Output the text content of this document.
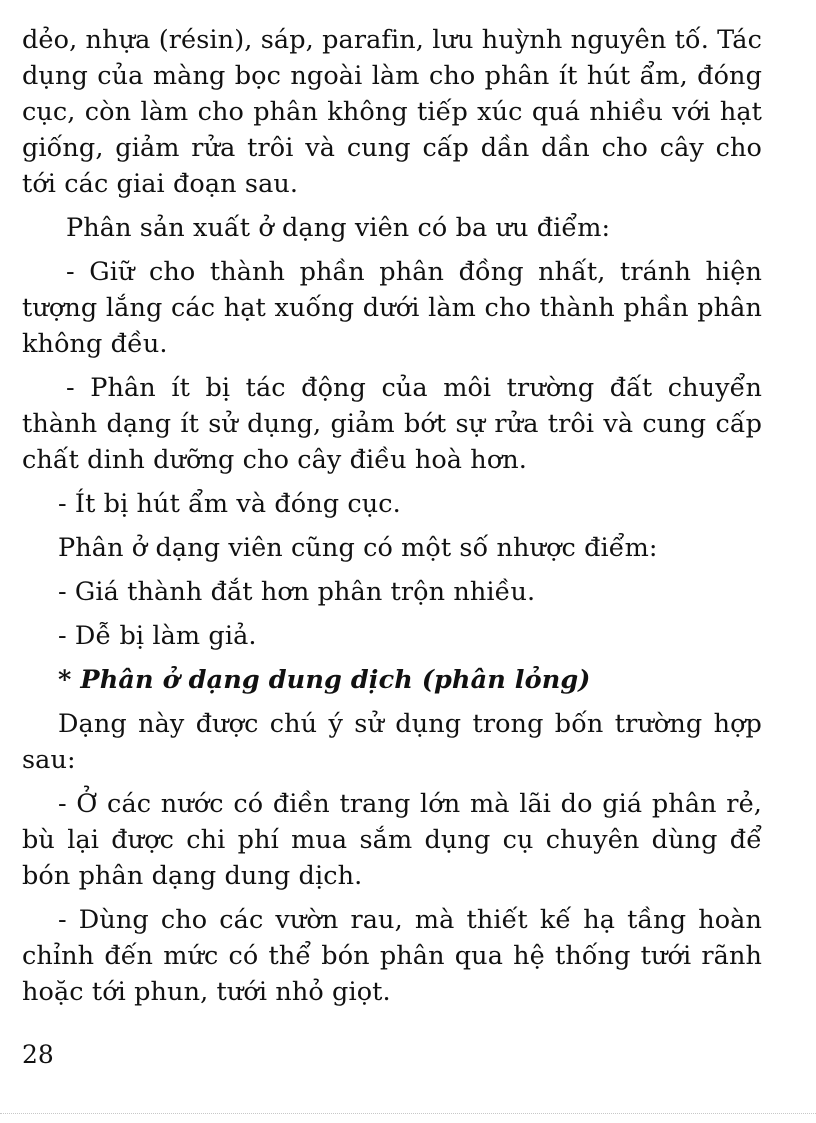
dẻo, nhựa (résin), sáp, parafin, lưu huỳnh nguyên tố. Tác dụng của màng bọc ngoài làm cho phân ít hút ẩm, đóng cục, còn làm cho phân không tiếp xúc quá nhiều với hạt giống, giảm rửa trôi và cung cấp dần dần cho cây cho tới các giai đoạn sau.

Phân sản xuất ở dạng viên có ba ưu điểm:

- Giữ cho thành phần phân đồng nhất, tránh hiện tượng lắng các hạt xuống dưới làm cho thành phần phân không đều.

- Phân ít bị tác động của môi trường đất chuyển thành dạng ít sử dụng, giảm bớt sự rửa trôi và cung cấp chất dinh dưỡng cho cây điều hoà hơn.

- Ít bị hút ẩm và đóng cục.

Phân ở dạng viên cũng có một số nhược điểm:

- Giá thành đắt hơn phân trộn nhiều.

- Dễ bị làm giả.

* Phân ở dạng dung dịch (phân lỏng)

Dạng này được chú ý sử dụng trong bốn trường hợp sau:

- Ở các nước có điền trang lớn mà lãi do giá phân rẻ, bù lại được chi phí mua sắm dụng cụ chuyên dùng để bón phân dạng dung dịch.

- Dùng cho các vườn rau, mà thiết kế hạ tầng hoàn chỉnh đến mức có thể bón phân qua hệ thống tưới rãnh hoặc tới phun, tưới nhỏ giọt.

28
